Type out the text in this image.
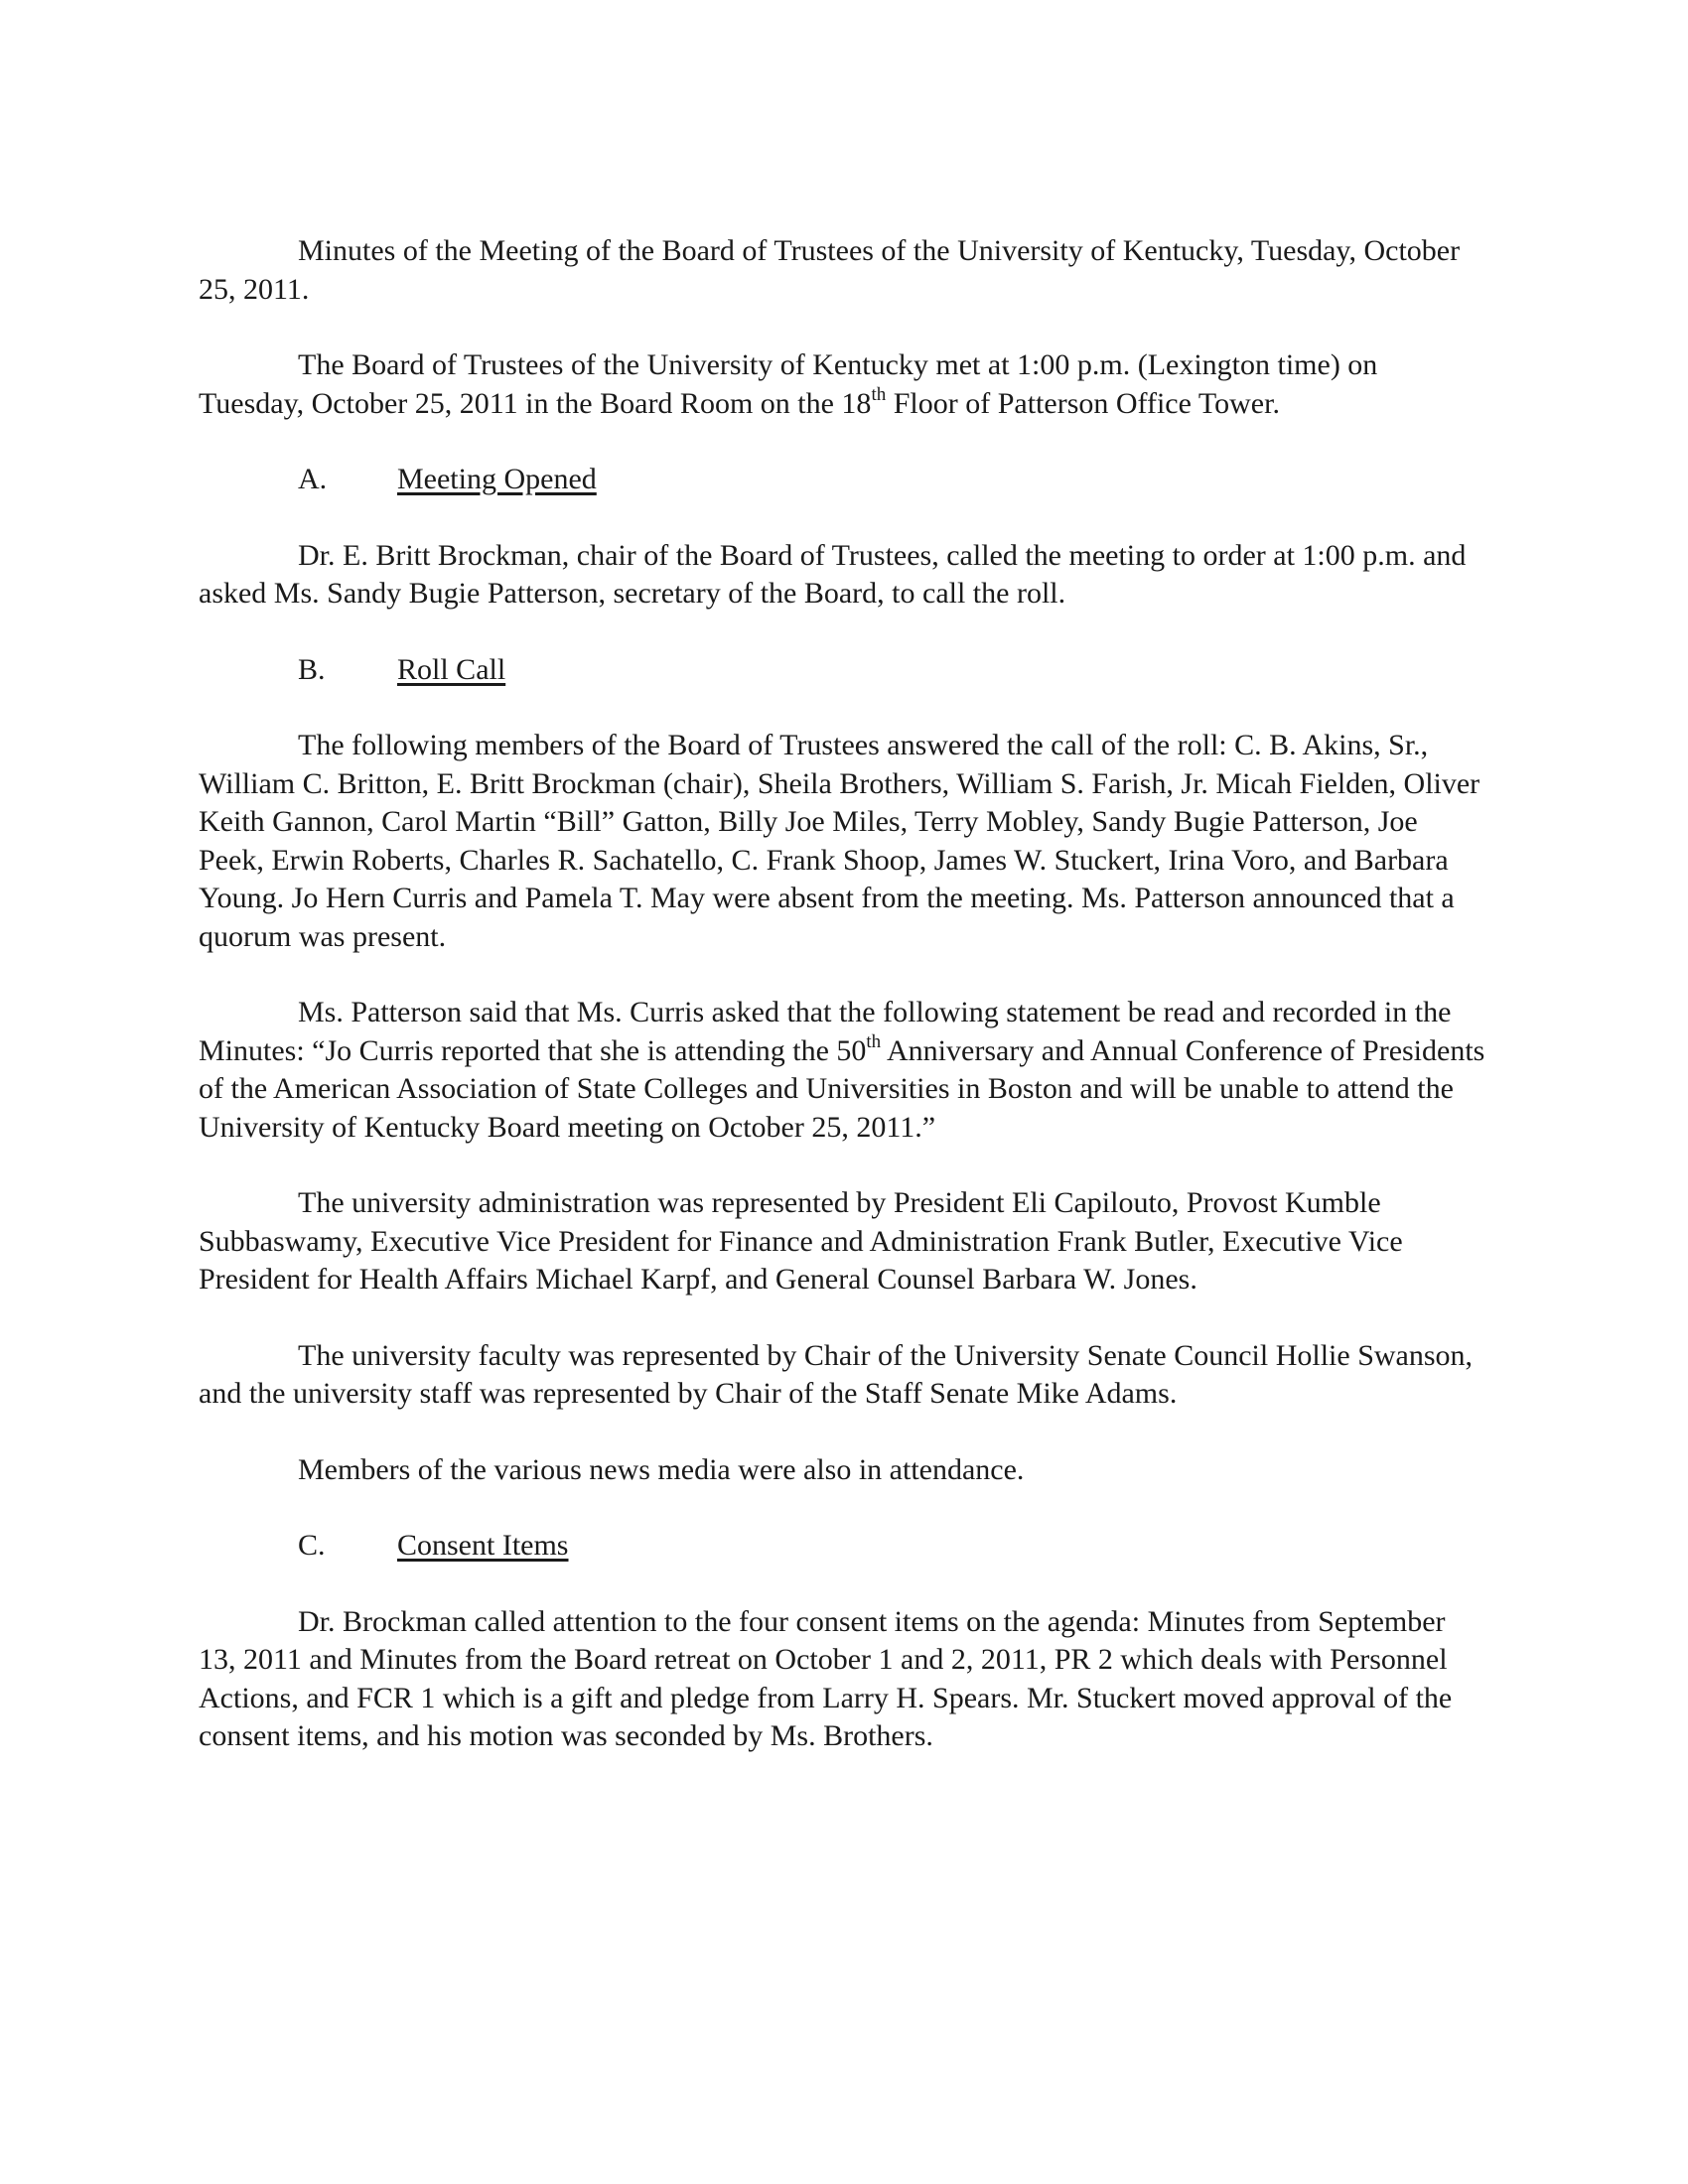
Minutes of the Meeting of the Board of Trustees of the University of Kentucky, Tuesday, October 25, 2011.

The Board of Trustees of the University of Kentucky met at 1:00 p.m. (Lexington time) on Tuesday, October 25, 2011 in the Board Room on the 18th Floor of Patterson Office Tower.

A. Meeting Opened

Dr. E. Britt Brockman, chair of the Board of Trustees, called the meeting to order at 1:00 p.m. and asked Ms. Sandy Bugie Patterson, secretary of the Board, to call the roll.

B. Roll Call

The following members of the Board of Trustees answered the call of the roll: C. B. Akins, Sr., William C. Britton, E. Britt Brockman (chair), Sheila Brothers, William S. Farish, Jr. Micah Fielden, Oliver Keith Gannon, Carol Martin “Bill” Gatton, Billy Joe Miles, Terry Mobley, Sandy Bugie Patterson, Joe Peek, Erwin Roberts, Charles R. Sachatello, C. Frank Shoop, James W. Stuckert, Irina Voro, and Barbara Young. Jo Hern Curris and Pamela T. May were absent from the meeting. Ms. Patterson announced that a quorum was present.

Ms. Patterson said that Ms. Curris asked that the following statement be read and recorded in the Minutes: “Jo Curris reported that she is attending the 50th Anniversary and Annual Conference of Presidents of the American Association of State Colleges and Universities in Boston and will be unable to attend the University of Kentucky Board meeting on October 25, 2011.”

The university administration was represented by President Eli Capilouto, Provost Kumble Subbaswamy, Executive Vice President for Finance and Administration Frank Butler, Executive Vice President for Health Affairs Michael Karpf, and General Counsel Barbara W. Jones.

The university faculty was represented by Chair of the University Senate Council Hollie Swanson, and the university staff was represented by Chair of the Staff Senate Mike Adams.

Members of the various news media were also in attendance.

C. Consent Items

Dr. Brockman called attention to the four consent items on the agenda: Minutes from September 13, 2011 and Minutes from the Board retreat on October 1 and 2, 2011, PR 2 which deals with Personnel Actions, and FCR 1 which is a gift and pledge from Larry H. Spears. Mr. Stuckert moved approval of the consent items, and his motion was seconded by Ms. Brothers.
